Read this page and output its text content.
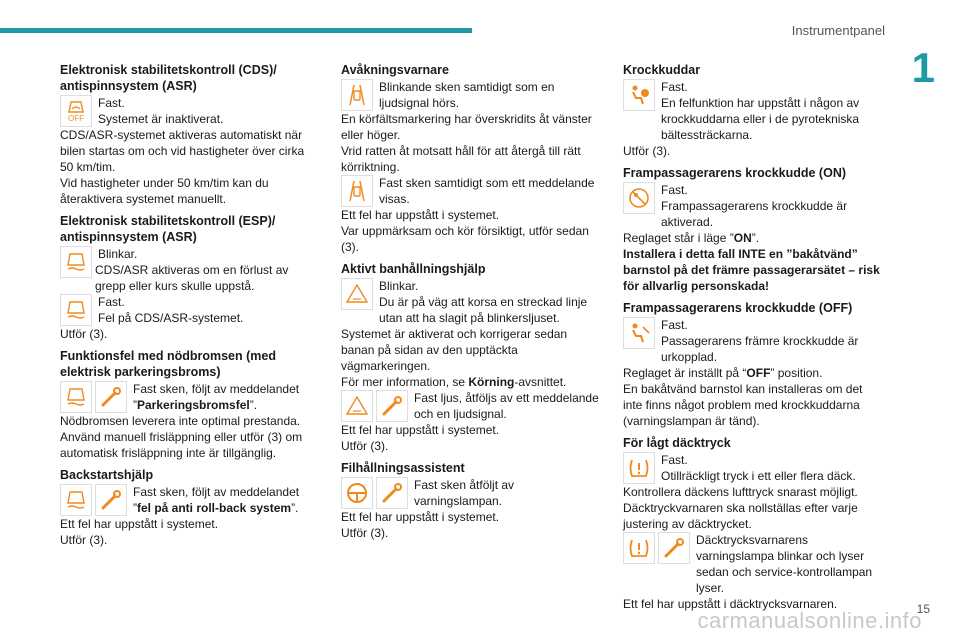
Instrumentpanel
1
Elektronisk stabilitetskontroll (CDS)/ antispinnsystem (ASR)
OFF

Fast.

Systemet är inaktiverat.

CDS/ASR-systemet aktiveras automatiskt när bilen startas om och vid hastigheter över cirka 50 km/tim.

Vid hastigheter under 50 km/tim kan du återaktivera systemet manuellt.

Elektronisk stabilitetskontroll (ESP)/ antispinnsystem (ASR)

Blinkar.

CDS/ASR aktiveras om en förlust av grepp eller kurs skulle uppstå.

Fast.

Fel på CDS/ASR-systemet.

Utför (3).

Funktionsfel med nödbromsen (med elektrisk parkeringsbroms)

Fast sken, följt av meddelandet ”Parkeringsbromsfel”.

Nödbromsen leverera inte optimal prestanda.

Använd manuell frisläppning eller utför (3) om automatisk frisläppning inte är tillgänglig.

Backstartshjälp

Fast sken, följt av meddelandet ”fel på anti roll-back system”.

Ett fel har uppstått i systemet.

Utför (3).

Avåkningsvarnare

Blinkande sken samtidigt som en ljudsignal hörs.

En körfältsmarkering har överskridits åt vänster eller höger.

Vrid ratten åt motsatt håll för att återgå till rätt körriktning.

Fast sken samtidigt som ett meddelande visas.

Ett fel har uppstått i systemet.

Var uppmärksam och kör försiktigt, utför sedan (3).

Aktivt banhållningshjälp

Blinkar.

Du är på väg att korsa en streckad linje utan att ha slagit på blinkersljuset.

Systemet är aktiverat och korrigerar sedan banan på sidan av den upptäckta vägmarkeringen.

För mer information, se Körning-avsnittet.

Fast ljus, åtföljs av ett meddelande och en ljudsignal.

Ett fel har uppstått i systemet.

Utför (3).

Filhållningsassistent

Fast sken åtföljt av varningslampan.

Ett fel har uppstått i systemet.

Utför (3).

Krockkuddar

Fast.

En felfunktion har uppstått i någon av krockkuddarna eller i de pyrotekniska bältessträckarna.

Utför (3).

Frampassagerarens krockkudde (ON)

Fast.

Frampassagerarens krockkudde är aktiverad.

Reglaget står i läge ”ON”.

Installera i detta fall INTE en ”bakåtvänd” barnstol på det främre passagerarsätet – risk för allvarlig personskada!

Frampassagerarens krockkudde (OFF)

Fast.

Passagerarens främre krockkudde är urkopplad.

Reglaget är inställt på “OFF” position.

En bakåtvänd barnstol kan installeras om det inte finns något problem med krockkuddarna (varningslampan är tänd).

För lågt däcktryck

Fast.

Otillräckligt tryck i ett eller flera däck.

Kontrollera däckens lufttryck snarast möjligt.

Däcktryckvarnaren ska nollställas efter varje justering av däcktrycket.

Däcktrycksvarnarens varningslampa blinkar och lyser sedan och service-kontrollampan lyser.

Ett fel har uppstått i däcktrycksvarnaren.	15
carmanualsonline.info
